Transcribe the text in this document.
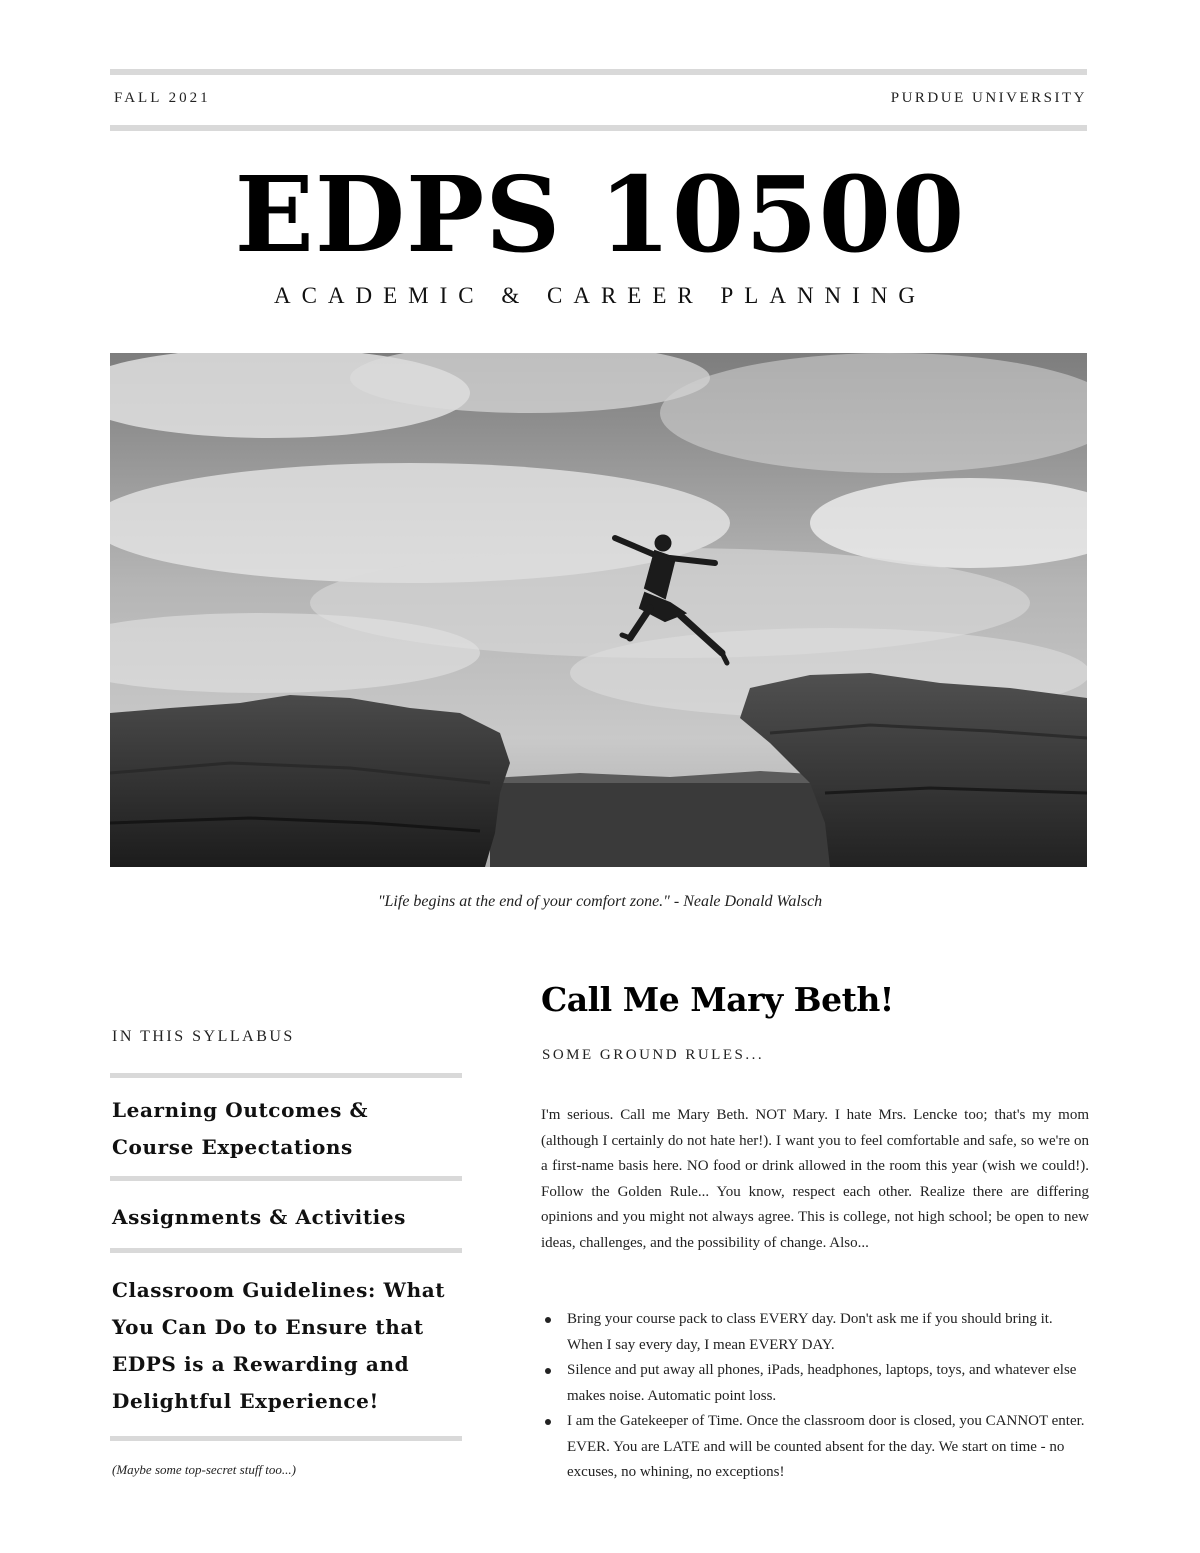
FALL 2021	PURDUE UNIVERSITY
EDPS 10500
ACADEMIC & CAREER PLANNING
"Life begins at the end of your comfort zone." - Neale Donald Walsch
IN THIS SYLLABUS
Learning Outcomes & Course Expectations
Assignments & Activities
Classroom Guidelines: What You Can Do to Ensure that EDPS is a Rewarding and Delightful Experience!
(Maybe some top-secret stuff too...)
Call Me Mary Beth!
SOME GROUND RULES...
I'm serious. Call me Mary Beth. NOT Mary. I hate Mrs. Lencke too; that's my mom (although I certainly do not hate her!). I want you to feel comfortable and safe, so we're on a first-name basis here. NO food or drink allowed in the room this year (wish we could!). Follow the Golden Rule... You know, respect each other. Realize there are differing opinions and you might not always agree. This is college, not high school; be open to new ideas, challenges, and the possibility of change. Also...
Bring your course pack to class EVERY day. Don't ask me if you should bring it. When I say every day, I mean EVERY DAY.
Silence and put away all phones, iPads, headphones, laptops, toys, and whatever else makes noise. Automatic point loss.
I am the Gatekeeper of Time. Once the classroom door is closed, you CANNOT enter. EVER. You are LATE and will be counted absent for the day. We start on time - no excuses, no whining, no exceptions!
